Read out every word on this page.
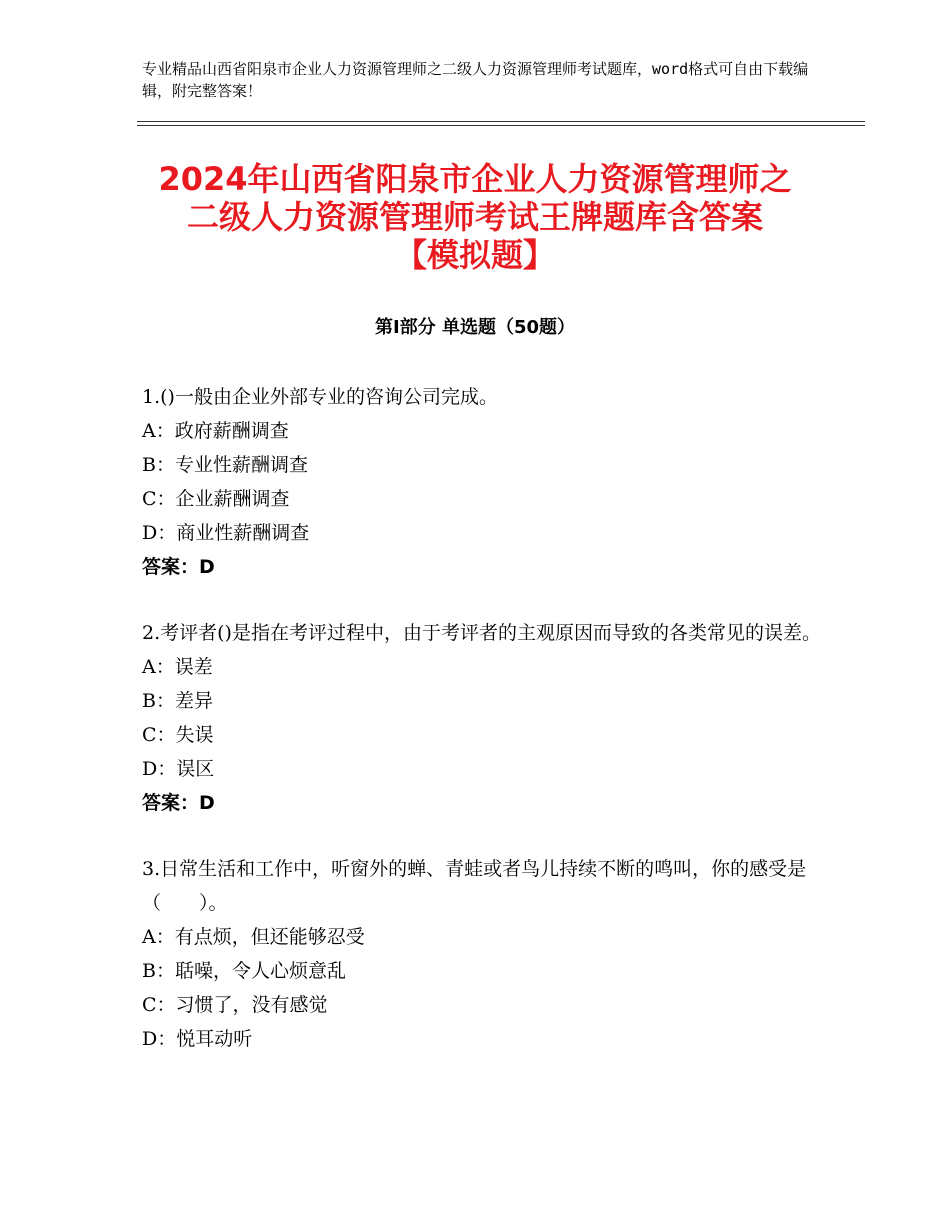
专业精品山西省阳泉市企业人力资源管理师之二级人力资源管理师考试题库，word格式可自由下载编辑，附完整答案！
2024年山西省阳泉市企业人力资源管理师之
二级人力资源管理师考试王牌题库含答案
【模拟题】
第Ⅰ部分 单选题（50题）

1.()一般由企业外部专业的咨询公司完成。

A：政府薪酬调查

B：专业性薪酬调查

C：企业薪酬调查

D：商业性薪酬调查

答案：D

2.考评者()是指在考评过程中，由于考评者的主观原因而导致的各类常见的误差。

A：误差

B：差异

C：失误

D：误区

答案：D

3.日常生活和工作中，听窗外的蝉、青蛙或者鸟儿持续不断的鸣叫，你的感受是（　　）。

A：有点烦，但还能够忍受

B：聒噪，令人心烦意乱

C：习惯了，没有感觉

D：悦耳动听
